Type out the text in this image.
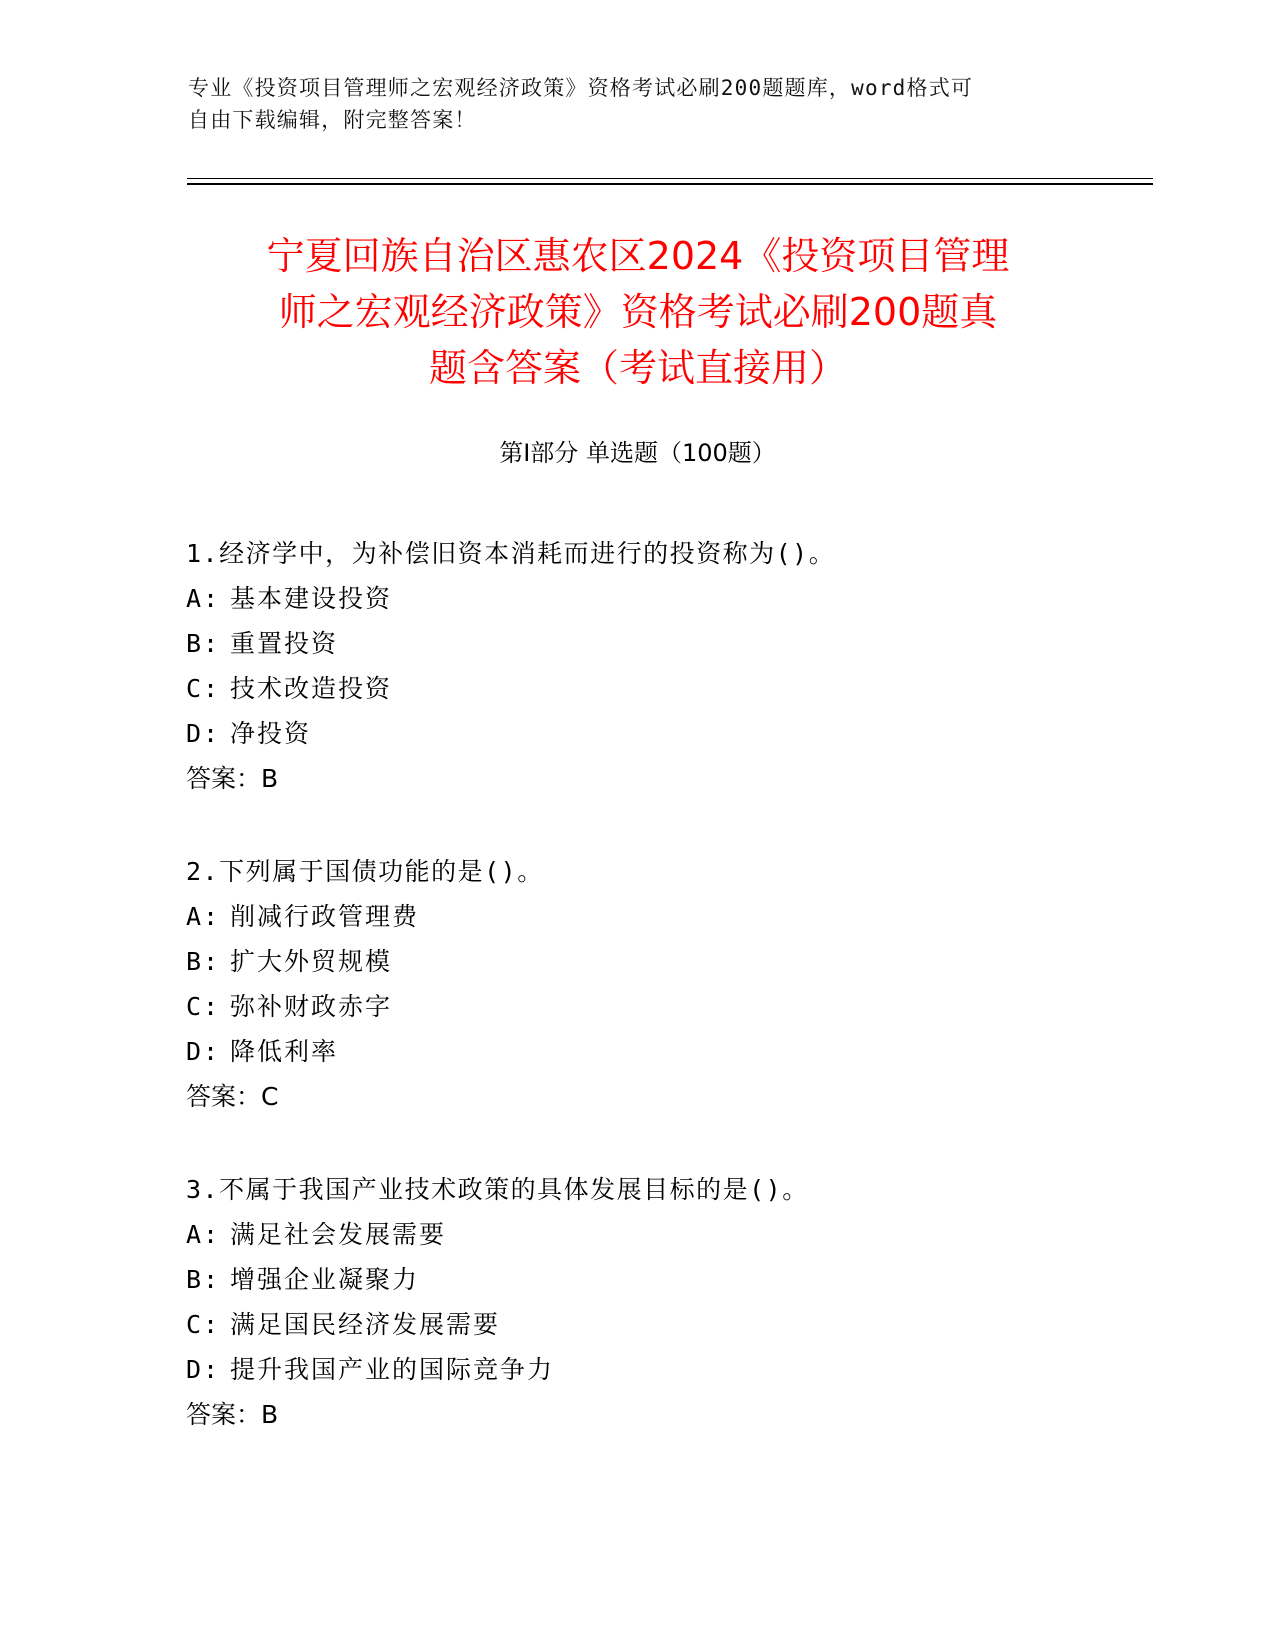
专业《投资项目管理师之宏观经济政策》资格考试必刷200题题库，word格式可
自由下载编辑，附完整答案！
宁夏回族自治区惠农区2024《投资项目管理
师之宏观经济政策》资格考试必刷200题真
题含答案（考试直接用）
第Ⅰ部分 单选题（100题）
1.经济学中，为补偿旧资本消耗而进行的投资称为()。
A: 基本建设投资
B: 重置投资
C: 技术改造投资
D: 净投资
答案：B
2.下列属于国债功能的是()。
A: 削减行政管理费
B: 扩大外贸规模
C: 弥补财政赤字
D: 降低利率
答案：C
3.不属于我国产业技术政策的具体发展目标的是()。
A: 满足社会发展需要
B: 增强企业凝聚力
C: 满足国民经济发展需要
D: 提升我国产业的国际竞争力
答案：B
